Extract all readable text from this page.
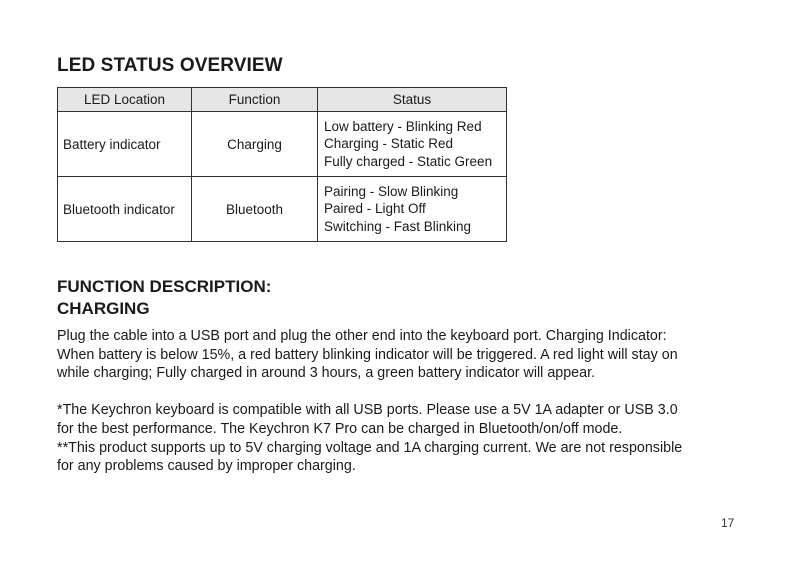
LED STATUS OVERVIEW
LED Location	Function	Status
Battery indicator	Charging	Low battery - Blinking Red
Charging - Static Red
Fully charged - Static Green

Bluetooth indicator	Bluetooth	Pairing - Slow Blinking
Paired - Light Off
Switching - Fast Blinking
FUNCTION DESCRIPTION:
CHARGING

Plug the cable into a USB port and plug the other end into the keyboard port. Charging Indicator:

When battery is below 15%, a red battery blinking indicator will be triggered. A red light will stay on

while charging; Fully charged in around 3 hours, a green battery indicator will appear.

*The Keychron keyboard is compatible with all USB ports. Please use a 5V 1A adapter or USB 3.0

for the best performance. The Keychron K7 Pro can be charged in Bluetooth/on/off mode.

**This product supports up to 5V charging voltage and 1A charging current. We are not responsible

for any problems caused by improper charging.

17
